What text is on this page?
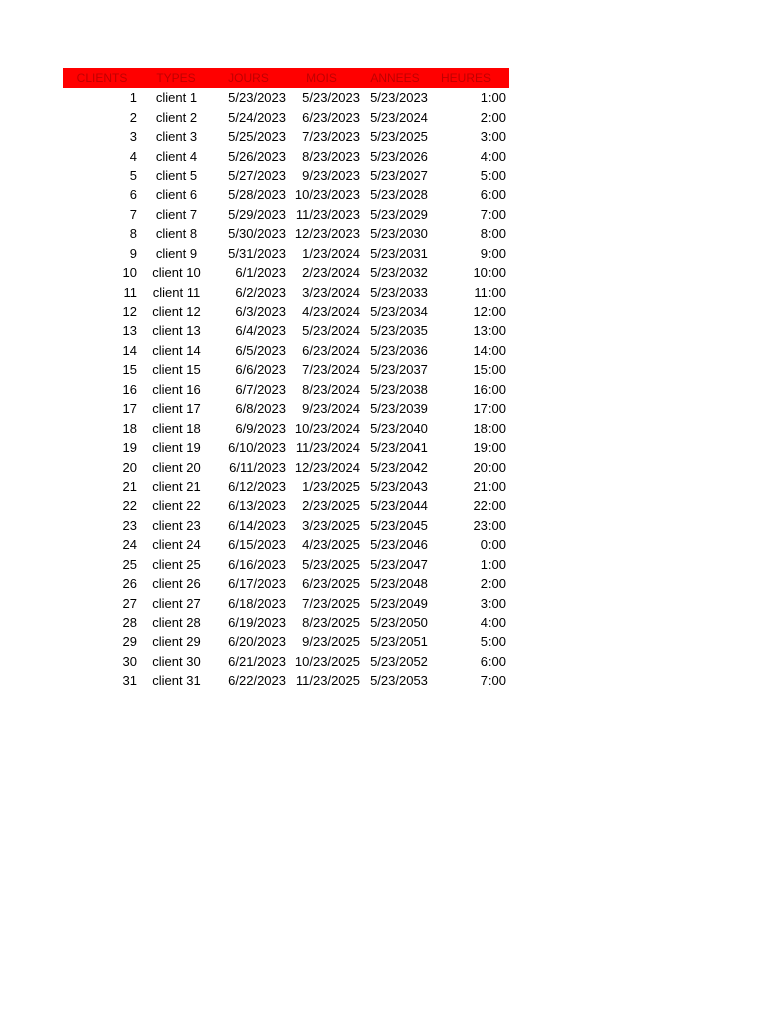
CLIENTS	TYPES	JOURS	MOIS	ANNEES	HEURES
1	client 1	5/23/2023	5/23/2023 5/23/2023	1:00
2	client 2	5/24/2023	6/23/2023 5/23/2024	2:00
3	client 3	5/25/2023	7/23/2023 5/23/2025	3:00
4	client 4	5/26/2023	8/23/2023 5/23/2026	4:00
5	client 5	5/27/2023	9/23/2023 5/23/2027	5:00
6	client 6	5/28/2023 10/23/2023 5/23/2028	6:00
7	client 7	5/29/2023 11/23/2023 5/23/2029	7:00
8	client 8	5/30/2023 12/23/2023 5/23/2030	8:00
9	client 9	5/31/2023	1/23/2024 5/23/2031	9:00
10	client 10	6/1/2023	2/23/2024 5/23/2032	10:00
11	client 11	6/2/2023	3/23/2024 5/23/2033	11:00
12	client 12	6/3/2023	4/23/2024 5/23/2034	12:00
13	client 13	6/4/2023	5/23/2024 5/23/2035	13:00
14	client 14	6/5/2023	6/23/2024 5/23/2036	14:00
15	client 15	6/6/2023	7/23/2024 5/23/2037	15:00
16	client 16	6/7/2023	8/23/2024 5/23/2038	16:00
17	client 17	6/8/2023	9/23/2024 5/23/2039	17:00
18	client 18	6/9/2023 10/23/2024 5/23/2040	18:00
19	client 19	6/10/2023 11/23/2024 5/23/2041	19:00
20	client 20	6/11/2023 12/23/2024 5/23/2042	20:00
21	client 21	6/12/2023	1/23/2025 5/23/2043	21:00
22	client 22	6/13/2023	2/23/2025 5/23/2044	22:00
23	client 23	6/14/2023	3/23/2025 5/23/2045	23:00
24	client 24	6/15/2023	4/23/2025 5/23/2046	0:00
25	client 25	6/16/2023	5/23/2025 5/23/2047	1:00
26	client 26	6/17/2023	6/23/2025 5/23/2048	2:00
27	client 27	6/18/2023	7/23/2025 5/23/2049	3:00
28	client 28	6/19/2023	8/23/2025 5/23/2050	4:00
29	client 29	6/20/2023	9/23/2025 5/23/2051	5:00
30	client 30	6/21/2023 10/23/2025 5/23/2052	6:00
31	client 31	6/22/2023 11/23/2025 5/23/2053	7:00
